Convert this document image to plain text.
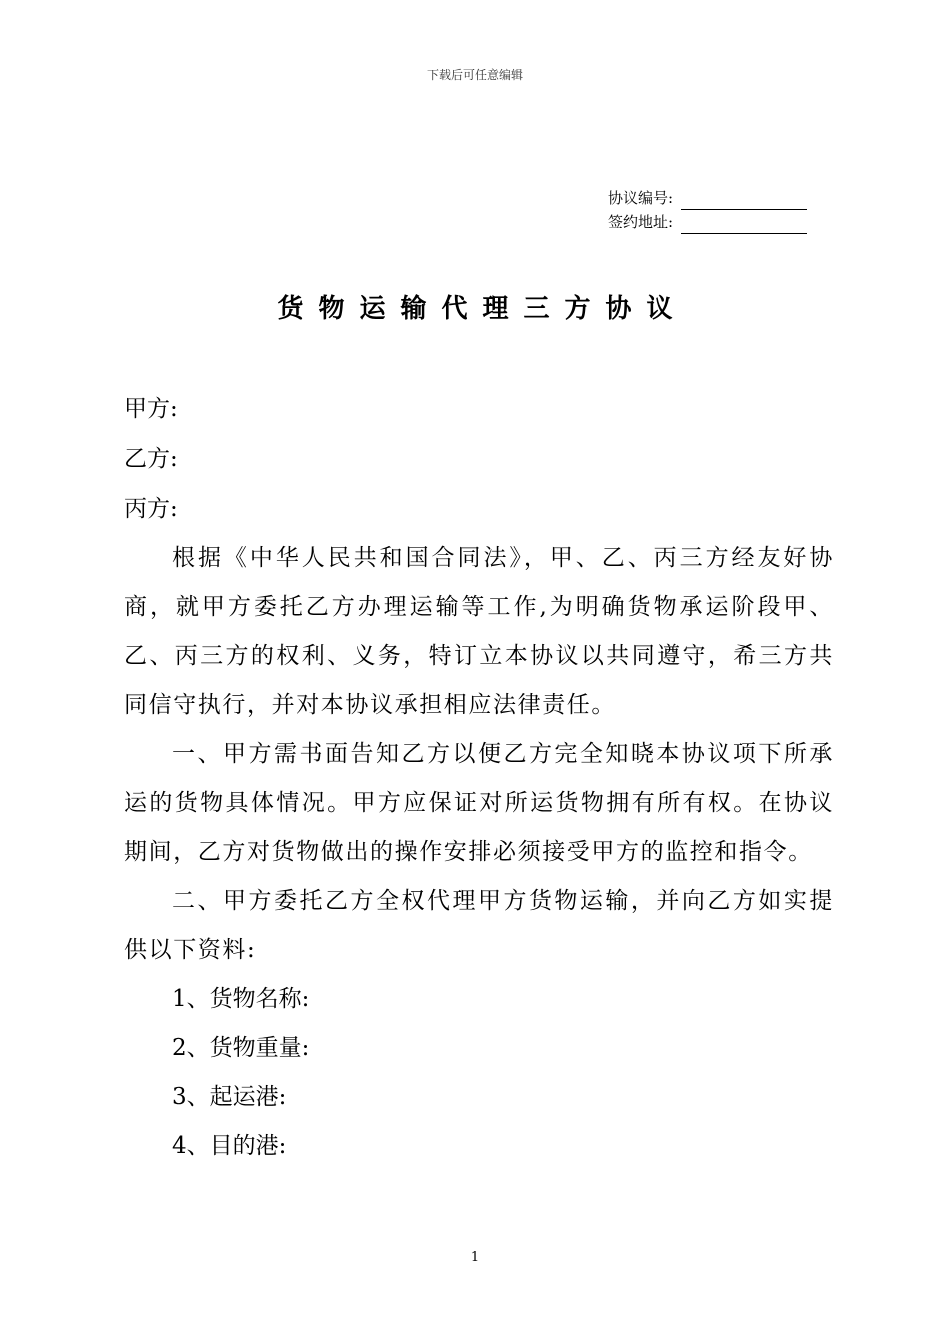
下载后可任意编辑
协议编号:
签约地址:
货物运输代理三方协议
甲方:
乙方:
丙方:

根据《中华人民共和国合同法》，甲、乙、丙三方经友好协商，就甲方委托乙方办理运输等工作,为明确货物承运阶段甲、乙、丙三方的权利、义务，特订立本协议以共同遵守，希三方共同信守执行，并对本协议承担相应法律责任。

一、甲方需书面告知乙方以便乙方完全知晓本协议项下所承运的货物具体情况。甲方应保证对所运货物拥有所有权。在协议期间，乙方对货物做出的操作安排必须接受甲方的监控和指令。

二、甲方委托乙方全权代理甲方货物运输，并向乙方如实提供以下资料:

1、货物名称:
2、货物重量:
3、起运港:
4、目的港:
1
